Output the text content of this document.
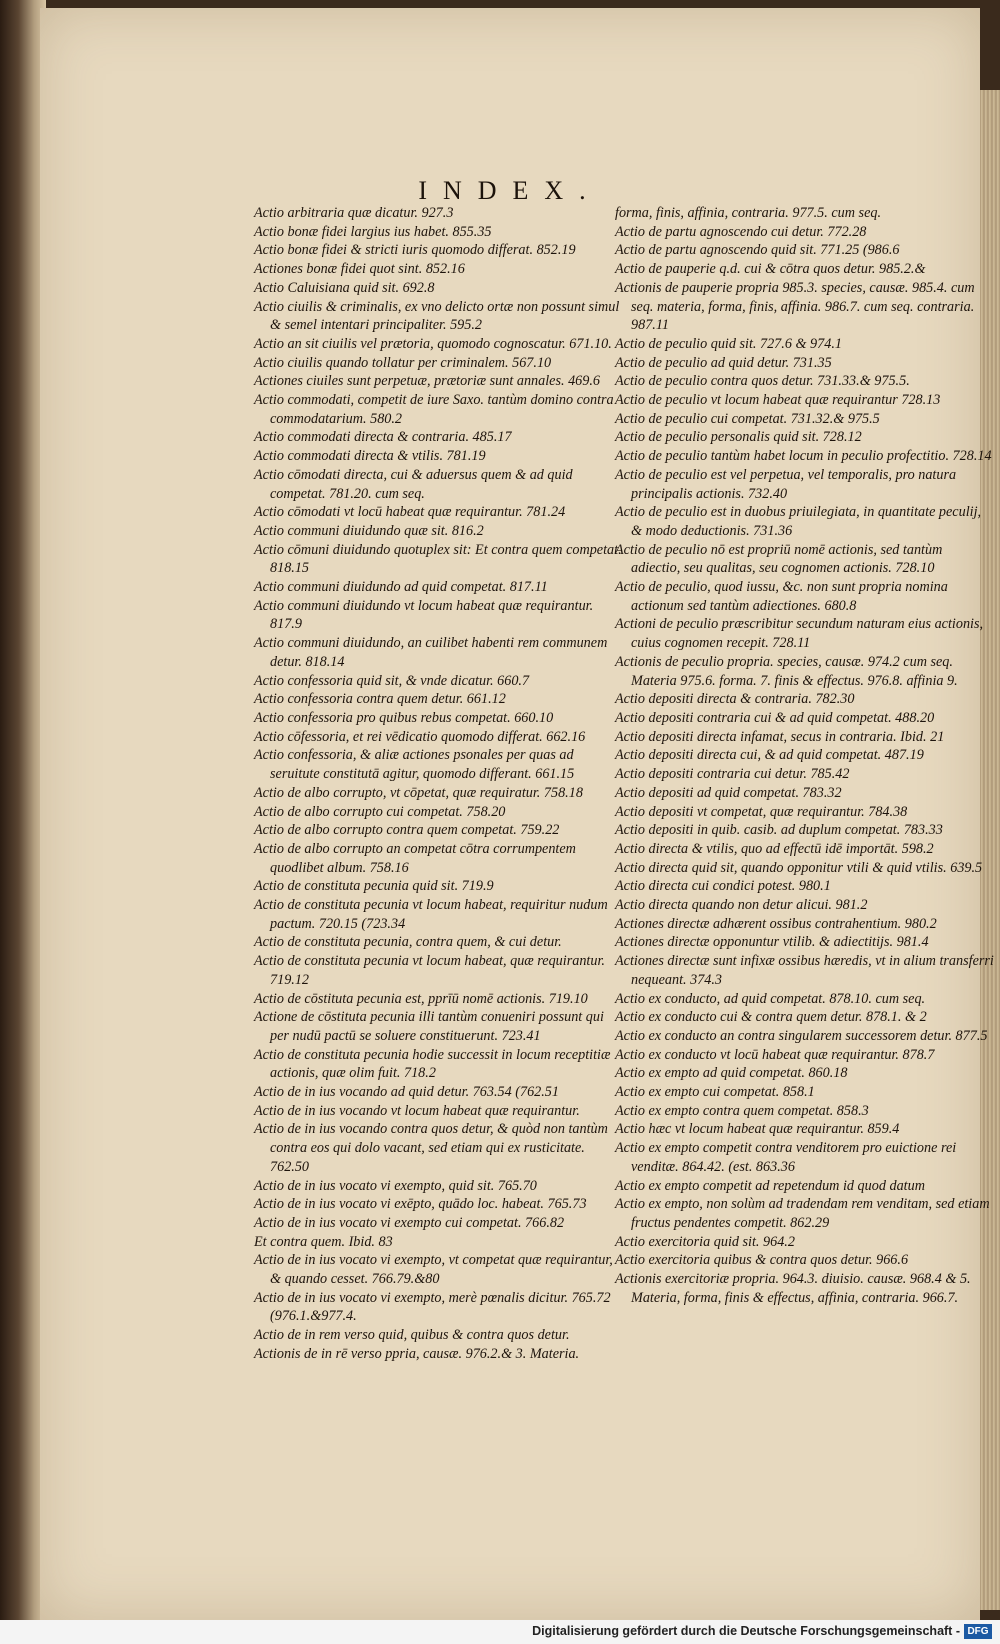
INDEX.

Actio arbitraria quæ dicatur. 927.3

Actio bonæ fidei largius ius habet. 855.35

Actio bonæ fidei & stricti iuris quomodo differat. 852.19

Actiones bonæ fidei quot sint. 852.16

Actio Caluisiana quid sit. 692.8

Actio ciuilis & criminalis, ex vno delicto ortæ non possunt simul & semel intentari principaliter. 595.2

Actio an sit ciuilis vel prætoria, quomodo cognoscatur. 671.10.

Actio ciuilis quando tollatur per criminalem. 567.10

Actiones ciuiles sunt perpetuæ, prætoriæ sunt annales. 469.6

Actio commodati, competit de iure Saxo. tantùm domino contra commodatarium. 580.2

Actio commodati directa & contraria. 485.17

Actio commodati directa & vtilis. 781.19

Actio cōmodati directa, cui & aduersus quem & ad quid competat. 781.20. cum seq.

Actio cōmodati vt locū habeat quæ requirantur. 781.24

Actio communi diuidundo quæ sit. 816.2

Actio cōmuni diuidundo quotuplex sit: Et contra quem competat. 818.15

Actio communi diuidundo ad quid competat. 817.11

Actio communi diuidundo vt locum habeat quæ requirantur. 817.9

Actio communi diuidundo, an cuilibet habenti rem communem detur. 818.14

Actio confessoria quid sit, & vnde dicatur. 660.7

Actio confessoria contra quem detur. 661.12

Actio confessoria pro quibus rebus competat. 660.10

Actio cōfessoria, et rei vēdicatio quomodo differat. 662.16

Actio confessoria, & aliæ actiones psonales per quas ad seruitute constitutā agitur, quomodo differant. 661.15

Actio de albo corrupto, vt cōpetat, quæ requiratur. 758.18

Actio de albo corrupto cui competat. 758.20

Actio de albo corrupto contra quem competat. 759.22

Actio de albo corrupto an competat cōtra corrumpentem quodlibet album. 758.16

Actio de constituta pecunia quid sit. 719.9

Actio de constituta pecunia vt locum habeat, requiritur nudum pactum. 720.15 (723.34

Actio de constituta pecunia, contra quem, & cui detur.

Actio de constituta pecunia vt locum habeat, quæ requirantur. 719.12

Actio de cōstituta pecunia est, pprīū nomē actionis. 719.10

Actione de cōstituta pecunia illi tantùm conueniri possunt qui per nudū pactū se soluere constituerunt. 723.41

Actio de constituta pecunia hodie successit in locum receptitiæ actionis, quæ olim fuit. 718.2

Actio de in ius vocando ad quid detur. 763.54 (762.51

Actio de in ius vocando vt locum habeat quæ requirantur.

Actio de in ius vocando contra quos detur, & quòd non tantùm contra eos qui dolo vacant, sed etiam qui ex rusticitate. 762.50

Actio de in ius vocato vi exempto, quid sit. 765.70

Actio de in ius vocato vi exēpto, quādo loc. habeat. 765.73

Actio de in ius vocato vi exempto cui competat. 766.82

Et contra quem. Ibid. 83

Actio de in ius vocato vi exempto, vt competat quæ requirantur, & quando cesset. 766.79.&80

Actio de in ius vocato vi exempto, merè pœnalis dicitur. 765.72 (976.1.&977.4.

Actio de in rem verso quid, quibus & contra quos detur.

Actionis de in rē verso ppria, causæ. 976.2.& 3. Materia.

forma, finis, affinia, contraria. 977.5. cum seq.

Actio de partu agnoscendo cui detur. 772.28

Actio de partu agnoscendo quid sit. 771.25 (986.6

Actio de pauperie q.d. cui & cōtra quos detur. 985.2.&

Actionis de pauperie propria 985.3. species, causæ. 985.4. cum seq. materia, forma, finis, affinia. 986.7. cum seq. contraria. 987.11

Actio de peculio quid sit. 727.6 & 974.1

Actio de peculio ad quid detur. 731.35

Actio de peculio contra quos detur. 731.33.& 975.5.

Actio de peculio vt locum habeat quæ requirantur 728.13

Actio de peculio cui competat. 731.32.& 975.5

Actio de peculio personalis quid sit. 728.12

Actio de peculio tantùm habet locum in peculio profectitio. 728.14

Actio de peculio est vel perpetua, vel temporalis, pro natura principalis actionis. 732.40

Actio de peculio est in duobus priuilegiata, in quantitate peculij, & modo deductionis. 731.36

Actio de peculio nō est propriū nomē actionis, sed tantùm adiectio, seu qualitas, seu cognomen actionis. 728.10

Actio de peculio, quod iussu, &c. non sunt propria nomina actionum sed tantùm adiectiones. 680.8

Actioni de peculio præscribitur secundum naturam eius actionis, cuius cognomen recepit. 728.11

Actionis de peculio propria. species, causæ. 974.2 cum seq. Materia 975.6. forma. 7. finis & effectus. 976.8. affinia 9.

Actio depositi directa & contraria. 782.30

Actio depositi contraria cui & ad quid competat. 488.20

Actio depositi directa infamat, secus in contraria. Ibid. 21

Actio depositi directa cui, & ad quid competat. 487.19

Actio depositi contraria cui detur. 785.42

Actio depositi ad quid competat. 783.32

Actio depositi vt competat, quæ requirantur. 784.38

Actio depositi in quib. casib. ad duplum competat. 783.33

Actio directa & vtilis, quo ad effectū idē importāt. 598.2

Actio directa quid sit, quando opponitur vtili & quid vtilis. 639.5

Actio directa cui condici potest. 980.1

Actio directa quando non detur alicui. 981.2

Actiones directæ adhærent ossibus contrahentium. 980.2

Actiones directæ opponuntur vtilib. & adiectitijs. 981.4

Actiones directæ sunt infixæ ossibus hæredis, vt in alium transferri nequeant. 374.3

Actio ex conducto, ad quid competat. 878.10. cum seq.

Actio ex conducto cui & contra quem detur. 878.1. & 2

Actio ex conducto an contra singularem successorem detur. 877.5

Actio ex conducto vt locū habeat quæ requirantur. 878.7

Actio ex empto ad quid competat. 860.18

Actio ex empto cui competat. 858.1

Actio ex empto contra quem competat. 858.3

Actio hæc vt locum habeat quæ requirantur. 859.4

Actio ex empto competit contra venditorem pro euictione rei venditæ. 864.42. (est. 863.36

Actio ex empto competit ad repetendum id quod datum

Actio ex empto, non solùm ad tradendam rem venditam, sed etiam fructus pendentes competit. 862.29

Actio exercitoria quid sit. 964.2

Actio exercitoria quibus & contra quos detur. 966.6

Actionis exercitoriæ propria. 964.3. diuisio. causæ. 968.4 & 5. Materia, forma, finis & effectus, affinia, contraria. 966.7.

Digitalisierung gefördert durch die Deutsche Forschungsgemeinschaft - DFG
